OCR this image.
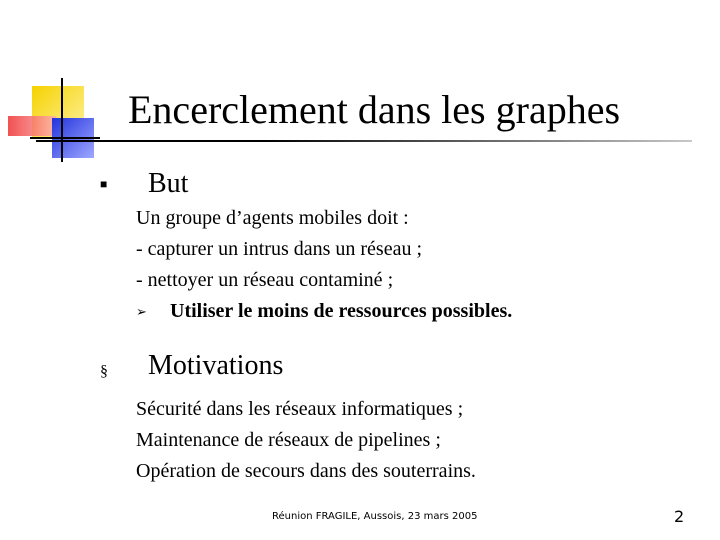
Encerclement dans les graphes
■ But
Un groupe d’agents mobiles doit :
- capturer un intrus dans un réseau ;
- nettoyer un réseau contaminé ;
➢ Utiliser le moins de ressources possibles.
§ Motivations
Sécurité dans les réseaux informatiques ;
Maintenance de réseaux de pipelines ;
Opération de secours dans des souterrains.
Réunion FRAGILE, Aussois, 23 mars 2005	2
